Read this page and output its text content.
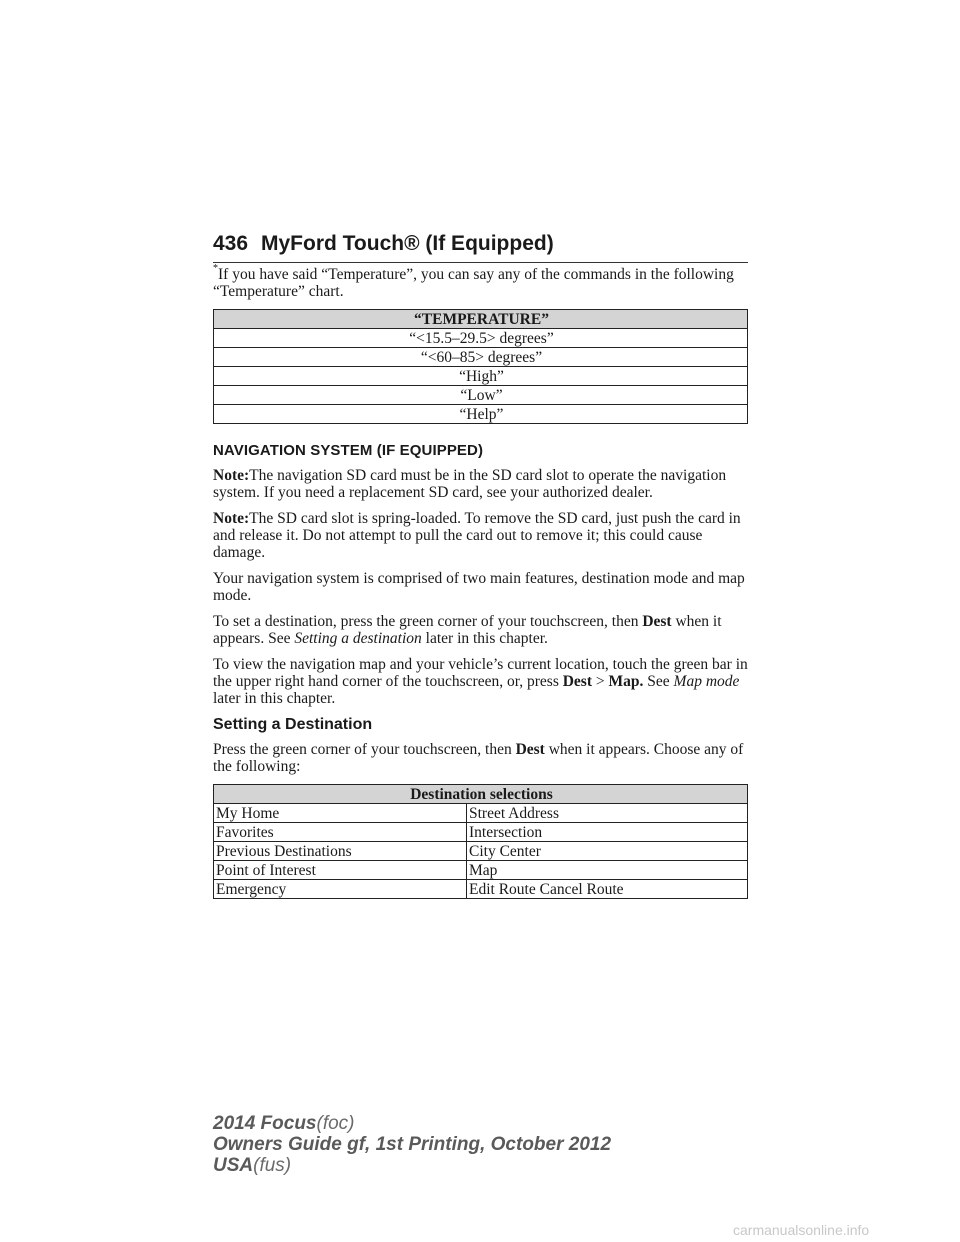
436 MyFord Touch® (If Equipped)

*If you have said “Temperature”, you can say any of the commands in the following “Temperature” chart.

“TEMPERATURE”
“<15.5–29.5> degrees”
“<60–85> degrees”
“High”
“Low”
“Help”
NAVIGATION SYSTEM (IF EQUIPPED)

Note:The navigation SD card must be in the SD card slot to operate the navigation system. If you need a replacement SD card, see your authorized dealer.

Note:The SD card slot is spring-loaded. To remove the SD card, just push the card in and release it. Do not attempt to pull the card out to remove it; this could cause damage.

Your navigation system is comprised of two main features, destination mode and map mode.

To set a destination, press the green corner of your touchscreen, then Dest when it appears. See Setting a destination later in this chapter.

To view the navigation map and your vehicle’s current location, touch the green bar in the upper right hand corner of the touchscreen, or, press Dest > Map. See Map mode later in this chapter.

Setting a Destination

Press the green corner of your touchscreen, then Dest when it appears. Choose any of the following:

Destination selections	
My Home	Street Address
Favorites	Intersection
Previous Destinations	City Center
Point of Interest	Map
Emergency	Edit Route Cancel Route
2014 Focus(foc)
Owners Guide gf, 1st Printing, October 2012
USA(fus)
carmanualsonline.info
